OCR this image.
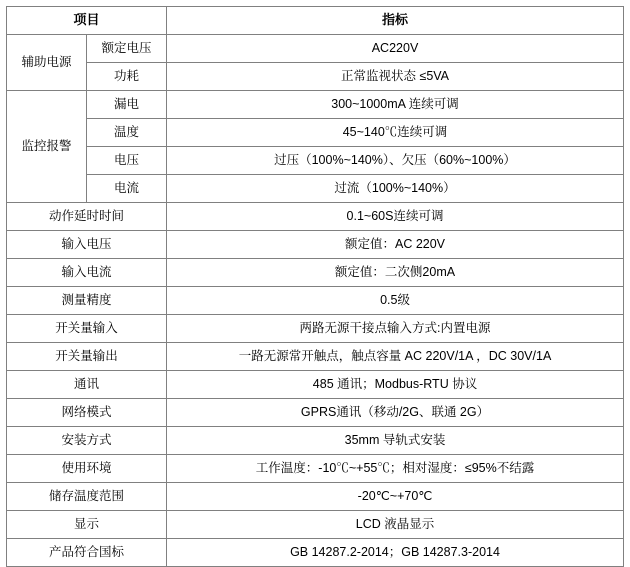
项目		指标
辅助电源	额定电压	AC220V
	功耗	正常监视状态 ≤5VA
监控报警	漏电	300~1000mA 连续可调
	温度	45~140℃连续可调
	电压	过压（100%~140%）、欠压（60%~100%）
	电流	过流（100%~140%）
动作延时时间		0.1~60S连续可调
输入电压		额定值：AC 220V
输入电流		额定值：二次侧20mA
测量精度		0.5级
开关量输入		两路无源干接点输入方式:内置电源
开关量输出		一路无源常开触点，触点容量 AC 220V/1A ，DC 30V/1A
通讯		485 通讯；Modbus-RTU 协议
网络模式		GPRS通讯（移动/2G、联通 2G）
安装方式		35mm 导轨式安装
使用环境		工作温度：-10℃~+55℃；相对湿度：≤95%不结露
储存温度范围		-20℃~+70℃
显示		LCD 液晶显示
产品符合国标		GB 14287.2-2014；GB 14287.3-2014
